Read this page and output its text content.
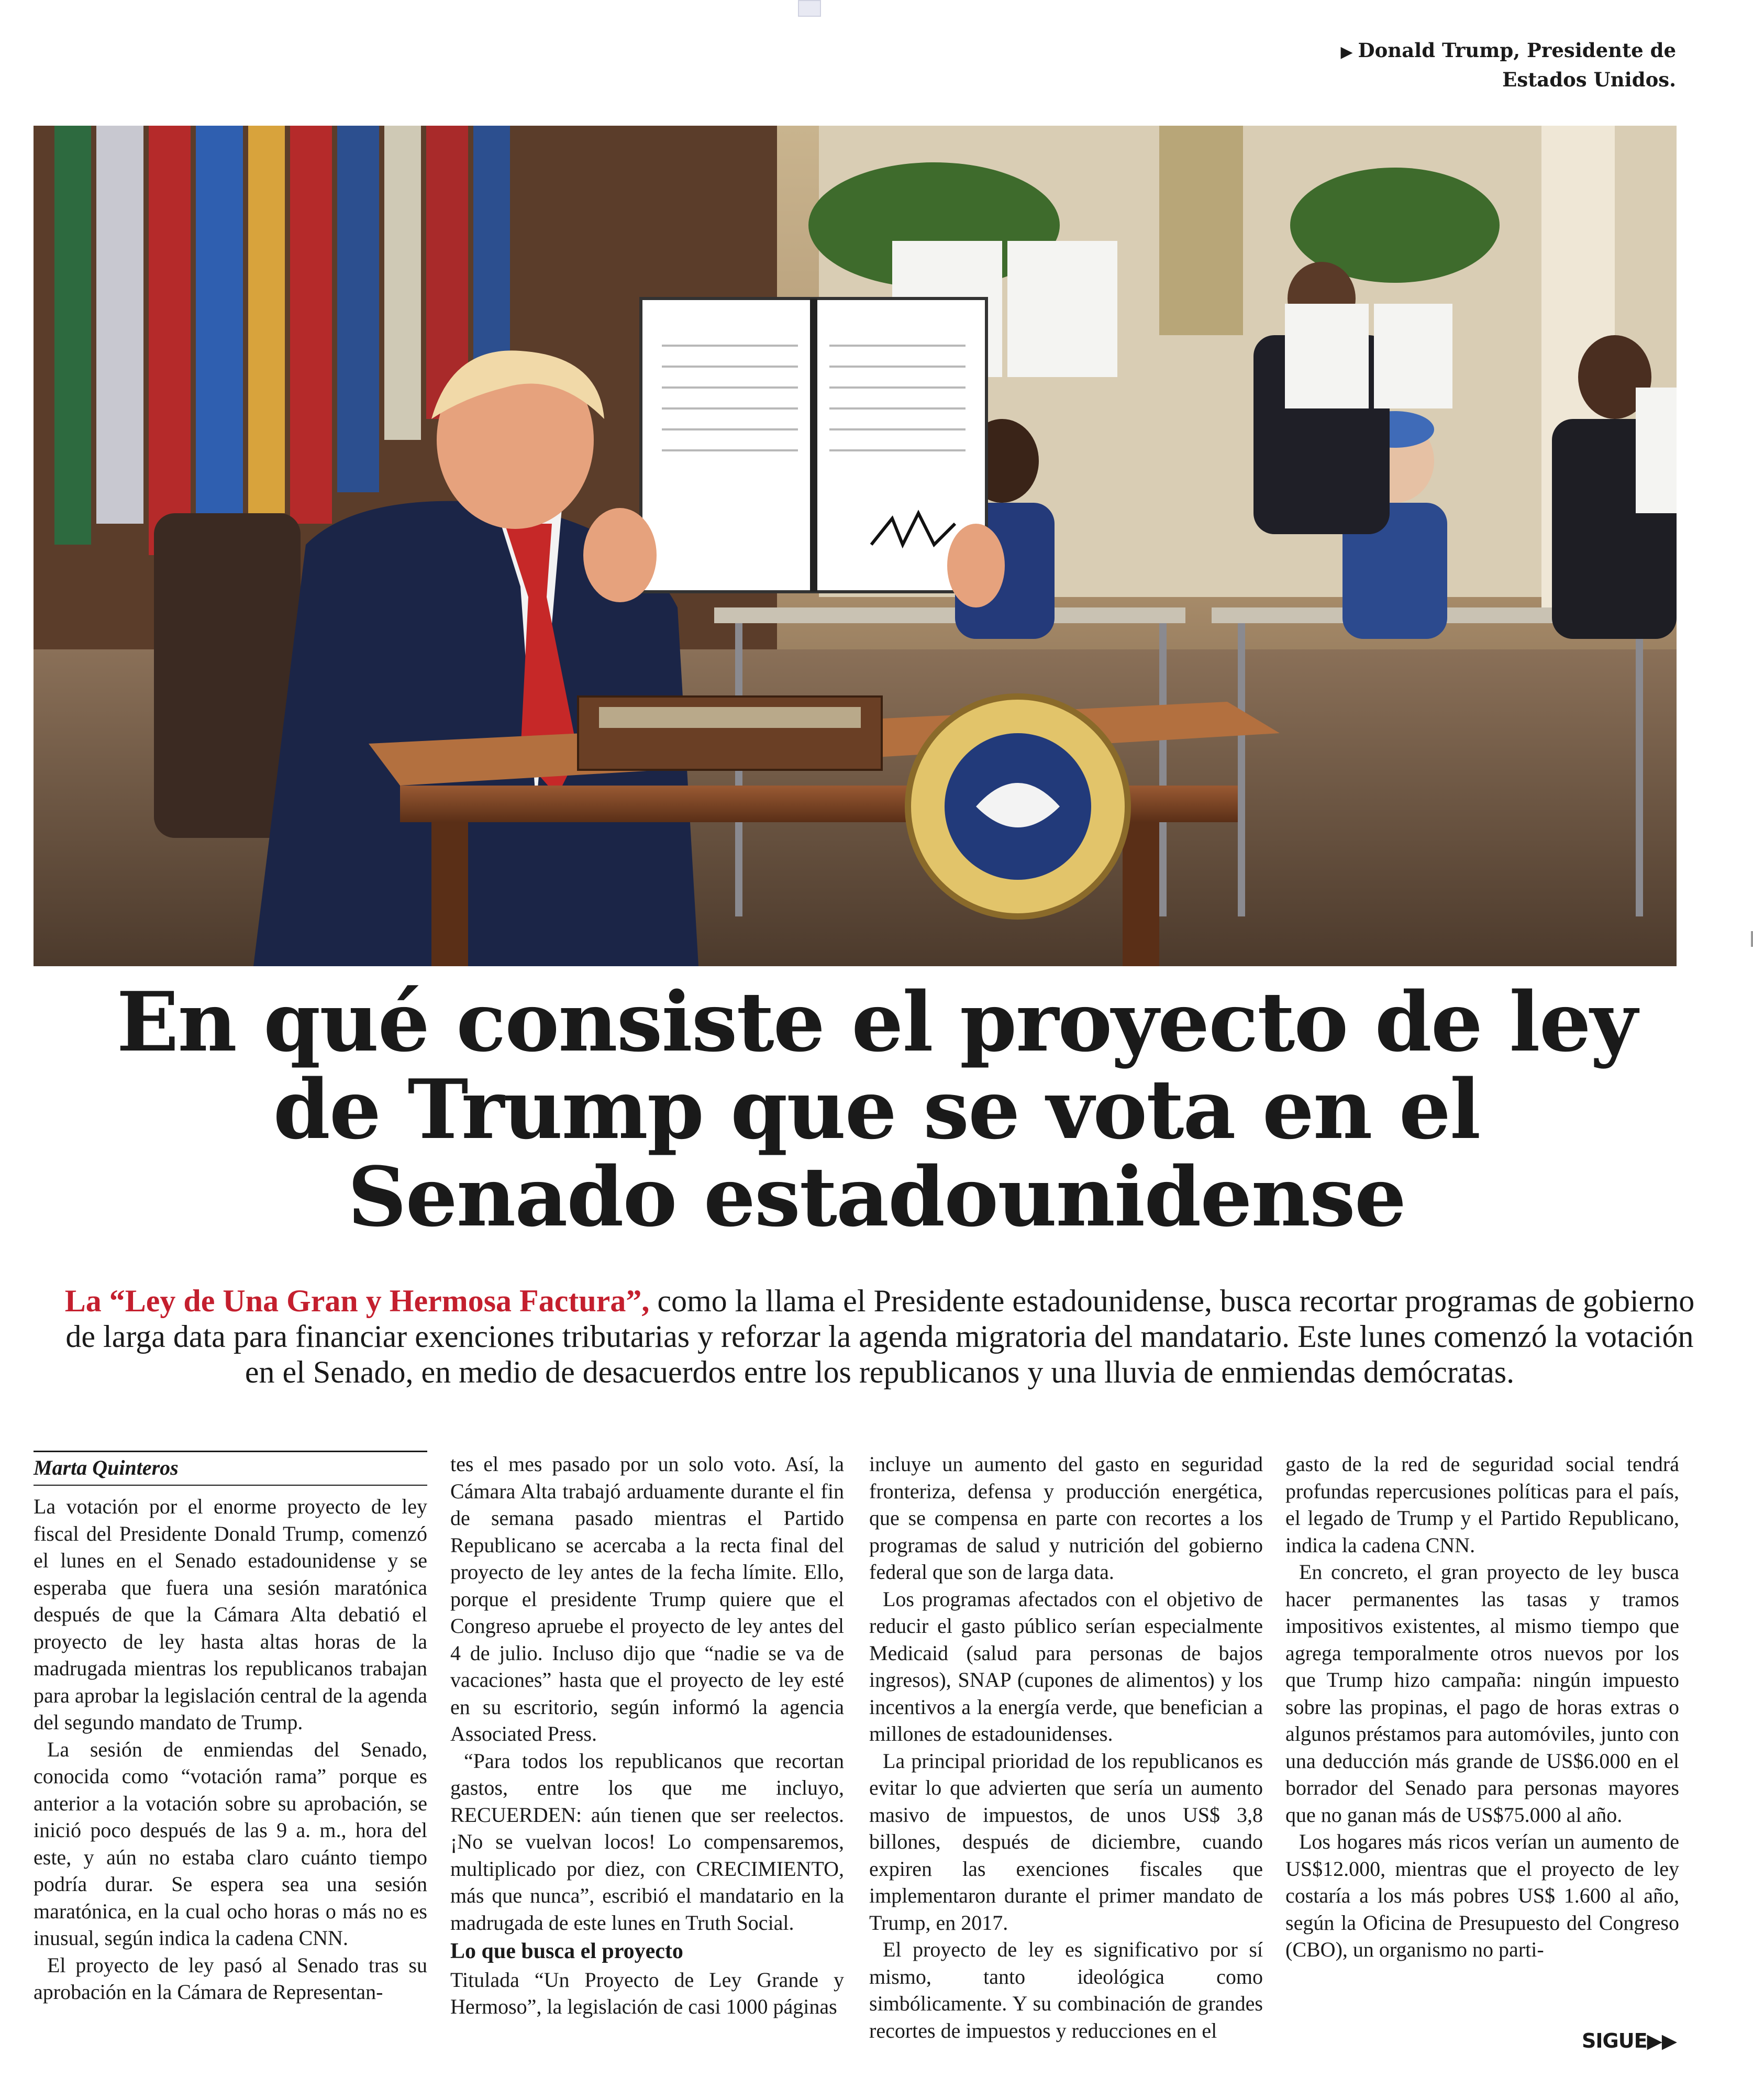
▶ Donald Trump, Presidente de Estados Unidos.
En qué consiste el proyecto de ley de Trump que se vota en el Senado estadounidense
La “Ley de Una Gran y Hermosa Factura”, como la llama el Presidente estadounidense, busca recortar programas de gobierno de larga data para financiar exenciones tributarias y reforzar la agenda migratoria del mandatario. Este lunes comenzó la votación en el Senado, en medio de desacuerdos entre los republicanos y una lluvia de enmiendas demócratas.
Marta Quinteros

La votación por el enorme proyecto de ley fiscal del Presidente Donald Trump, comenzó el lunes en el Senado estadounidense y se esperaba que fuera una sesión maratónica después de que la Cámara Alta debatió el proyecto de ley hasta altas horas de la madrugada mientras los republicanos trabajan para aprobar la legislación central de la agenda del segundo mandato de Trump.

La sesión de enmiendas del Senado, conocida como “votación rama” porque es anterior a la votación sobre su aprobación, se inició poco después de las 9 a. m., hora del este, y aún no estaba claro cuánto tiempo podría durar. Se espera sea una sesión maratónica, en la cual ocho horas o más no es inusual, según indica la cadena CNN.

El proyecto de ley pasó al Senado tras su aprobación en la Cámara de Representan-

tes el mes pasado por un solo voto. Así, la Cámara Alta trabajó arduamente durante el fin de semana pasado mientras el Partido Republicano se acercaba a la recta final del proyecto de ley antes de la fecha límite. Ello, porque el presidente Trump quiere que el Congreso apruebe el proyecto de ley antes del 4 de julio. Incluso dijo que “nadie se va de vacaciones” hasta que el proyecto de ley esté en su escritorio, según informó la agencia Associated Press.

“Para todos los republicanos que recortan gastos, entre los que me incluyo, RECUERDEN: aún tienen que ser reelectos. ¡No se vuelvan locos! Lo compensaremos, multiplicado por diez, con CRECIMIENTO, más que nunca”, escribió el mandatario en la madrugada de este lunes en Truth Social.

Lo que busca el proyecto

Titulada “Un Proyecto de Ley Grande y Hermoso”, la legislación de casi 1000 páginas

incluye un aumento del gasto en seguridad fronteriza, defensa y producción energética, que se compensa en parte con recortes a los programas de salud y nutrición del gobierno federal que son de larga data.

Los programas afectados con el objetivo de reducir el gasto público serían especialmente Medicaid (salud para personas de bajos ingresos), SNAP (cupones de alimentos) y los incentivos a la energía verde, que benefician a millones de estadounidenses.

La principal prioridad de los republicanos es evitar lo que advierten que sería un aumento masivo de impuestos, de unos US$ 3,8 billones, después de diciembre, cuando expiren las exenciones fiscales que implementaron durante el primer mandato de Trump, en 2017.

El proyecto de ley es significativo por sí mismo, tanto ideológica como simbólicamente. Y su combinación de grandes recortes de impuestos y reducciones en el

gasto de la red de seguridad social tendrá profundas repercusiones políticas para el país, el legado de Trump y el Partido Republicano, indica la cadena CNN.

En concreto, el gran proyecto de ley busca hacer permanentes las tasas y tramos impositivos existentes, al mismo tiempo que agrega temporalmente otros nuevos por los que Trump hizo campaña: ningún impuesto sobre las propinas, el pago de horas extras o algunos préstamos para automóviles, junto con una deducción más grande de US$6.000 en el borrador del Senado para personas mayores que no ganan más de US$75.000 al año.

Los hogares más ricos verían un aumento de US$12.000, mientras que el proyecto de ley costaría a los más pobres US$ 1.600 al año, según la Oficina de Presupuesto del Congreso (CBO), un organismo no parti-

SIGUE▶▶
